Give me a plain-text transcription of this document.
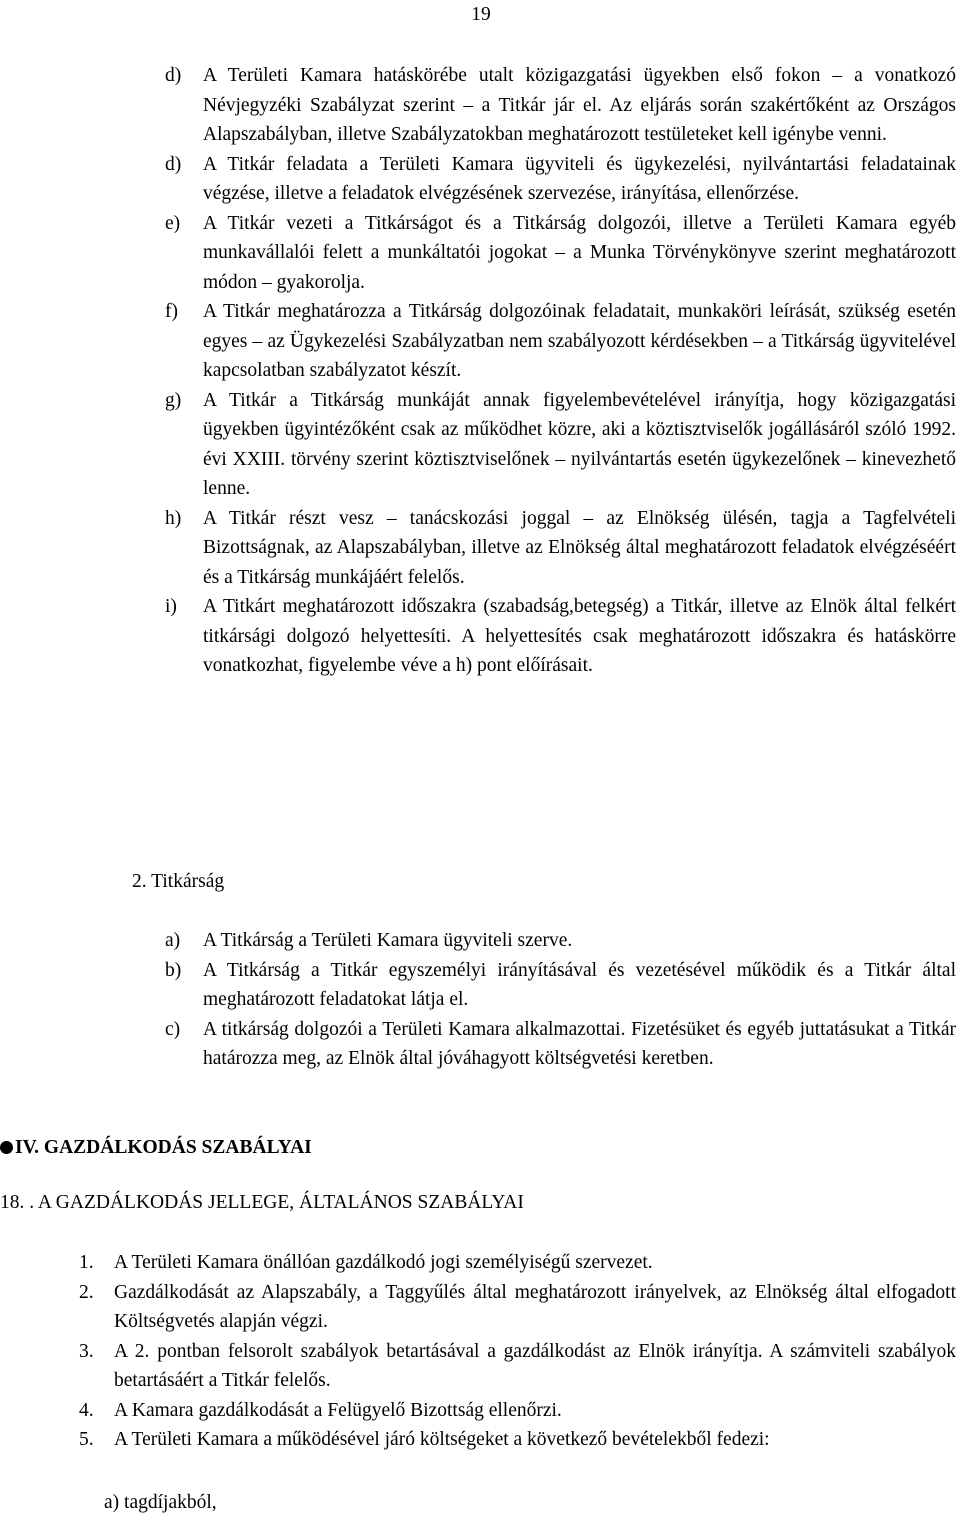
19
d)	A Területi Kamara hatáskörébe utalt közigazgatási ügyekben első fokon – a vonatkozó Névjegyzéki Szabályzat szerint – a Titkár jár el. Az eljárás során szakértőként az Országos Alapszabályban, illetve Szabályzatokban meghatározott testületeket kell igénybe venni.
d)	A Titkár feladata a Területi Kamara ügyviteli és ügykezelési, nyilvántartási feladatainak végzése, illetve a feladatok elvégzésének szervezése, irányítása, ellenőrzése.
e)	A Titkár vezeti a Titkárságot és a Titkárság dolgozói, illetve a Területi Kamara egyéb munkavállalói felett a munkáltatói jogokat – a Munka Törvénykönyve szerint meghatározott módon – gyakorolja.
f)	A Titkár meghatározza a Titkárság dolgozóinak feladatait, munkaköri leírását, szükség esetén egyes – az Ügykezelési Szabályzatban nem szabályozott kérdésekben – a Titkárság ügyvitelével kapcsolatban szabályzatot készít.
g)	A Titkár a Titkárság munkáját annak figyelembevételével irányítja, hogy közigazgatási ügyekben ügyintézőként csak az működhet közre, aki a köztisztviselők jogállásáról szóló 1992. évi XXIII. törvény szerint köztisztviselőnek – nyilvántartás esetén ügykezelőnek – kinevezhető lenne.
h)	A Titkár részt vesz – tanácskozási joggal – az Elnökség ülésén, tagja a Tagfelvételi Bizottságnak, az Alapszabályban, illetve az Elnökség által meghatározott feladatok elvégzéséért és a Titkárság munkájáért felelős.
i)	A Titkárt meghatározott időszakra (szabadság,betegség) a Titkár, illetve az Elnök által felkért titkársági dolgozó helyettesíti. A helyettesítés csak meghatározott időszakra és hatáskörre vonatkozhat, figyelembe véve a h) pont előírásait.
2. Titkárság
a)	A Titkárság a Területi Kamara ügyviteli szerve.
b)	A Titkárság a Titkár egyszemélyi irányításával és vezetésével működik és a Titkár által meghatározott feladatokat látja el.
c)	A titkárság dolgozói a Területi Kamara alkalmazottai. Fizetésüket és egyéb juttatásukat a Titkár határozza meg, az Elnök által jóváhagyott költségvetési keretben.
IV. GAZDÁLKODÁS SZABÁLYAI
18. . A GAZDÁLKODÁS JELLEGE, ÁLTALÁNOS SZABÁLYAI
1.	A Területi Kamara önállóan gazdálkodó jogi személyiségű szervezet.
2.	Gazdálkodását az Alapszabály, a Taggyűlés által meghatározott irányelvek, az Elnökség által elfogadott Költségvetés alapján végzi.
3.	A 2. pontban felsorolt szabályok betartásával a gazdálkodást az Elnök irányítja. A számviteli szabályok betartásáért a Titkár felelős.
4.	A Kamara gazdálkodását a Felügyelő Bizottság ellenőrzi.
5.	A Területi Kamara a működésével járó költségeket a következő bevételekből fedezi:
a) tagdíjakból,
